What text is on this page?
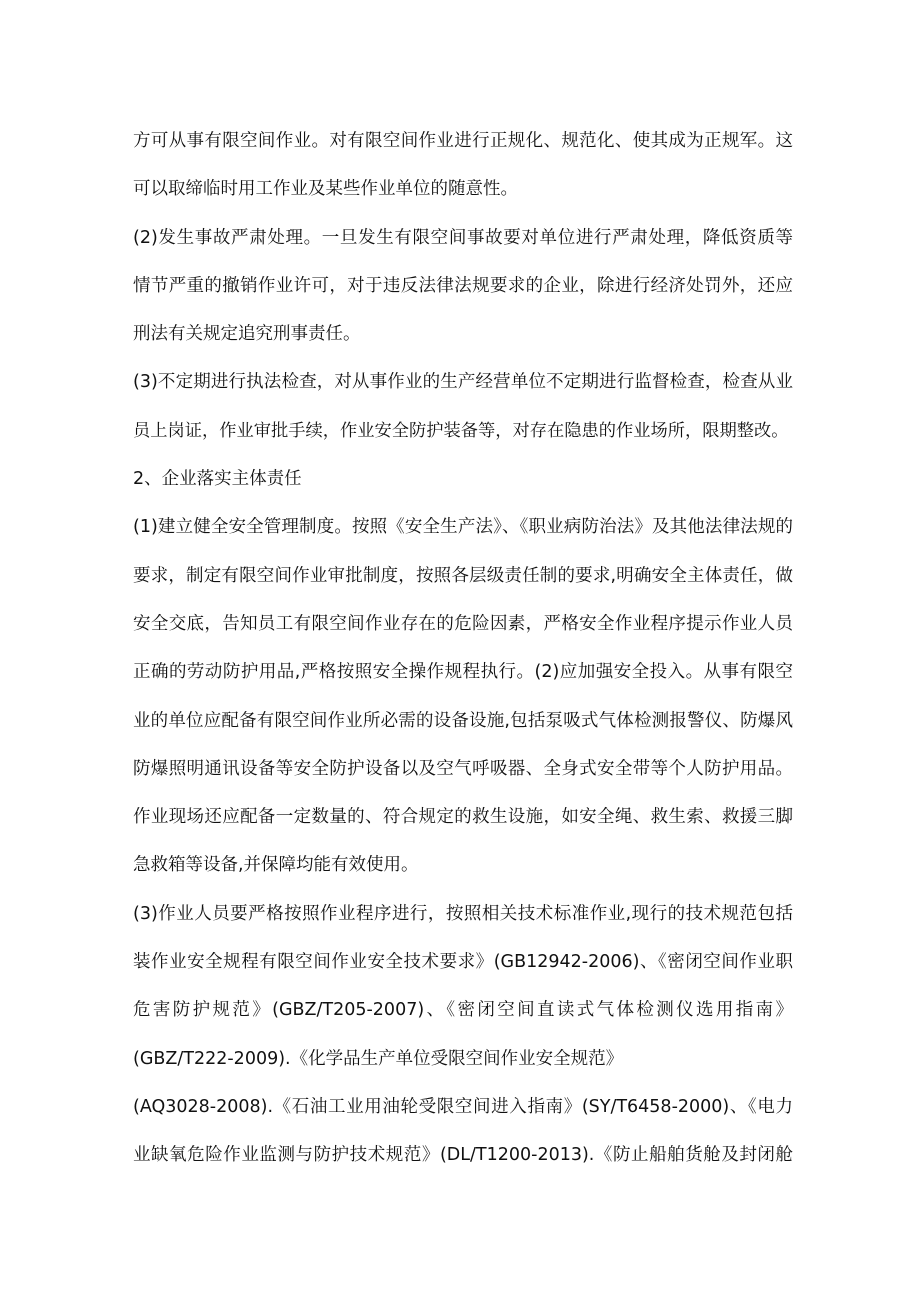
方可从事有限空间作业。对有限空间作业进行正规化、规范化、使其成为正规军。这
可以取缔临时用工作业及某些作业单位的随意性。
(2)发生事故严肃处理。一旦发生有限空间事故要对单位进行严肃处理，降低资质等
情节严重的撤销作业许可，对于违反法律法规要求的企业，除进行经济处罚外，还应
刑法有关规定追究刑事责任。
(3)不定期进行执法检查，对从事作业的生产经营单位不定期进行监督检查，检查从业
员上岗证，作业审批手续，作业安全防护装备等，对存在隐患的作业场所，限期整改。
2、企业落实主体责任
(1)建立健全安全管理制度。按照《安全生产法》、《职业病防治法》及其他法律法规的
要求，制定有限空间作业审批制度，按照各层级责任制的要求,明确安全主体责任，做
安全交底，告知员工有限空间作业存在的危险因素，严格安全作业程序提示作业人员
正确的劳动防护用品,严格按照安全操作规程执行。(2)应加强安全投入。从事有限空
业的单位应配备有限空间作业所必需的设备设施,包括泵吸式气体检测报警仪、防爆风
防爆照明通讯设备等安全防护设备以及空气呼吸器、全身式安全带等个人防护用品。
作业现场还应配备一定数量的、符合规定的救生设施，如安全绳、救生索、救援三脚
急救箱等设备,并保障均能有效使用。
(3)作业人员要严格按照作业程序进行，按照相关技术标准作业,现行的技术规范包括
装作业安全规程有限空间作业安全技术要求》(GB12942-2006)、《密闭空间作业职
危害防护规范》(GBZ/T205-2007)、《密闭空间直读式气体检测仪选用指南》
(GBZ/T222-2009).《化学品生产单位受限空间作业安全规范》
(AQ3028-2008).《石油工业用油轮受限空间进入指南》(SY/T6458-2000)、《电力
业缺氧危险作业监测与防护技术规范》(DL/T1200-2013).《防止船舶货舱及封闭舱
